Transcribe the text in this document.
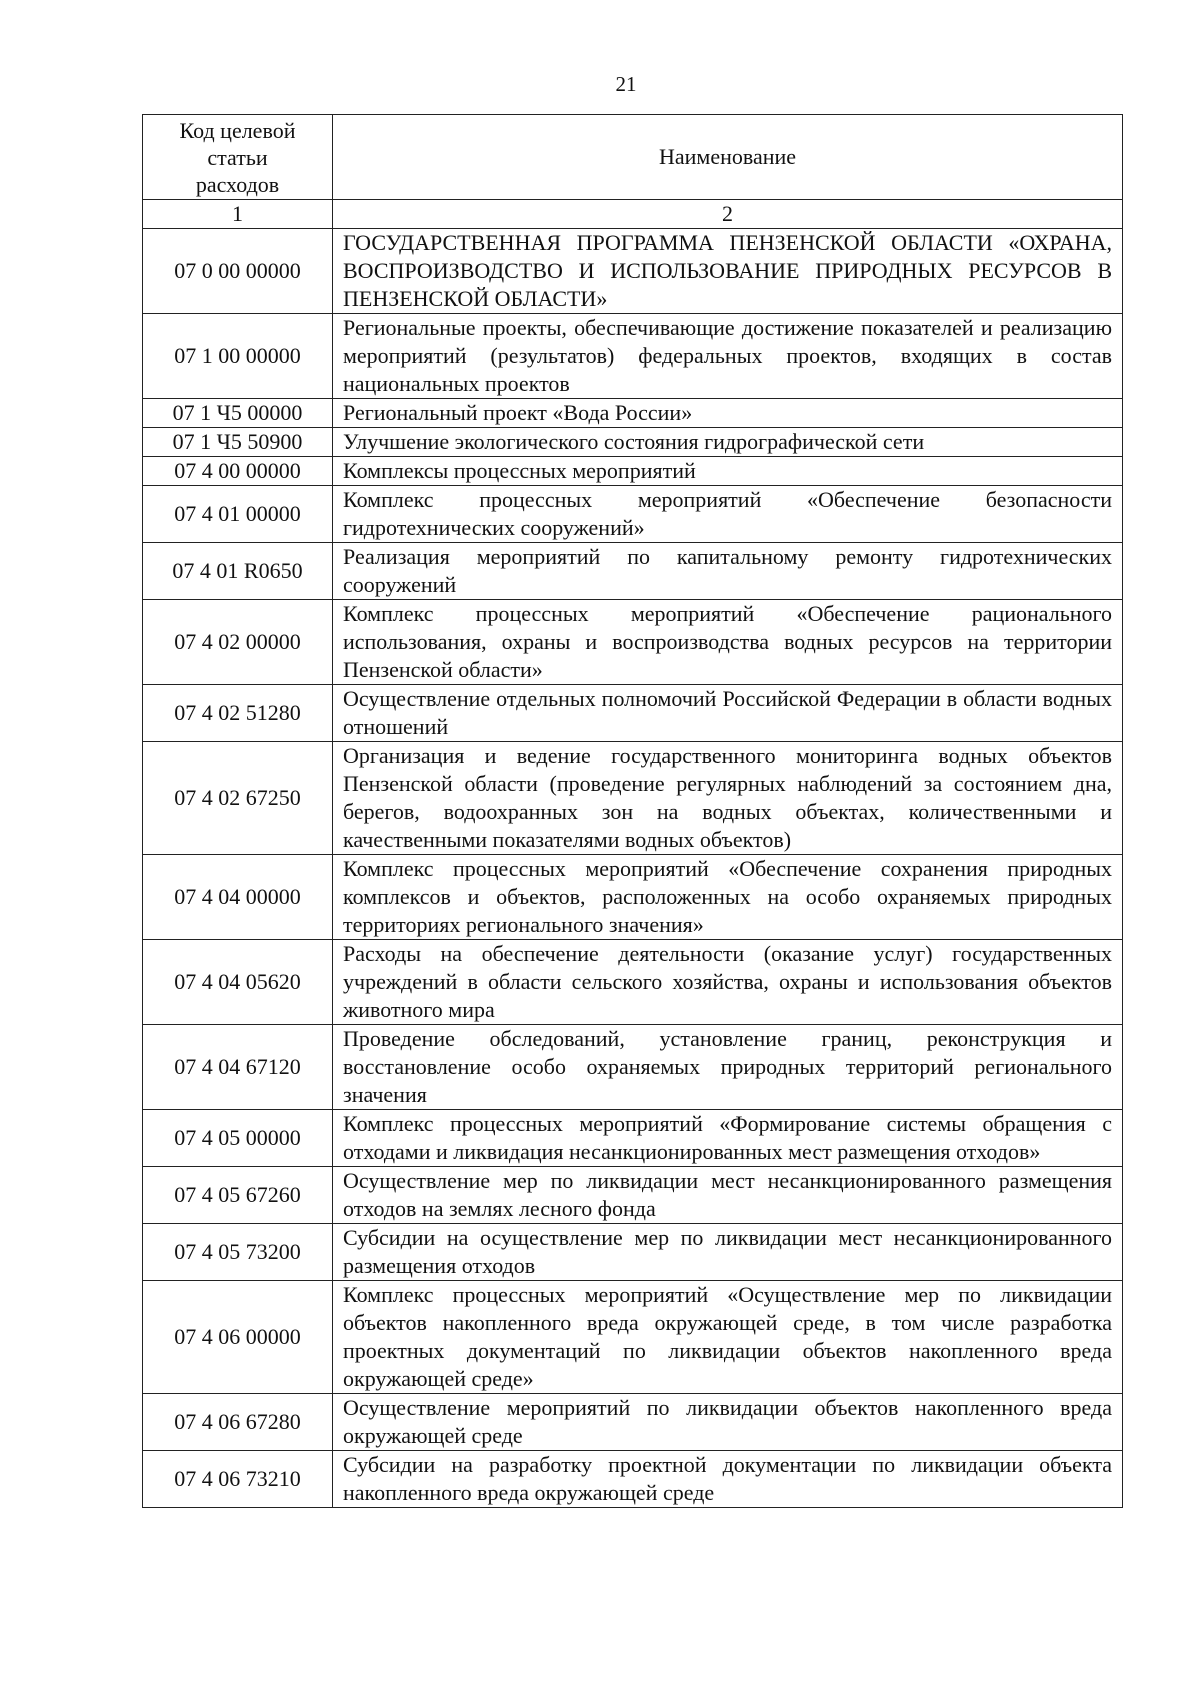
21
Код целевой статьи расходов	Наименование
1	2
07 0 00 00000	ГОСУДАРСТВЕННАЯ ПРОГРАММА ПЕНЗЕНСКОЙ ОБЛАСТИ «ОХРАНА, ВОСПРОИЗВОДСТВО И ИСПОЛЬЗОВАНИЕ ПРИРОДНЫХ РЕСУРСОВ В ПЕНЗЕНСКОЙ ОБЛАСТИ»
07 1 00 00000	Региональные проекты, обеспечивающие достижение показателей и реализацию мероприятий (результатов) федеральных проектов, входящих в состав национальных проектов
07 1 Ч5 00000	Региональный проект «Вода России»
07 1 Ч5 50900	Улучшение экологического состояния гидрографической сети
07 4 00 00000	Комплексы процессных мероприятий
07 4 01 00000	Комплекс процессных мероприятий «Обеспечение безопасности гидротехнических сооружений»
07 4 01 R0650	Реализация мероприятий по капитальному ремонту гидротехнических сооружений
07 4 02 00000	Комплекс процессных мероприятий «Обеспечение рационального использования, охраны и воспроизводства водных ресурсов на территории Пензенской области»
07 4 02 51280	Осуществление отдельных полномочий Российской Федерации в области водных отношений
07 4 02 67250	Организация и ведение государственного мониторинга водных объектов Пензенской области (проведение регулярных наблюдений за состоянием дна, берегов, водоохранных зон на водных объектах, количественными и качественными показателями водных объектов)
07 4 04 00000	Комплекс процессных мероприятий «Обеспечение сохранения природных комплексов и объектов, расположенных на особо охраняемых природных территориях регионального значения»
07 4 04 05620	Расходы на обеспечение деятельности (оказание услуг) государственных учреждений в области сельского хозяйства, охраны и использования объектов животного мира
07 4 04 67120	Проведение обследований, установление границ, реконструкция и восстановление особо охраняемых природных территорий регионального значения
07 4 05 00000	Комплекс процессных мероприятий «Формирование системы обращения с отходами и ликвидация несанкционированных мест размещения отходов»
07 4 05 67260	Осуществление мер по ликвидации мест несанкционированного размещения отходов на землях лесного фонда
07 4 05 73200	Субсидии на осуществление мер по ликвидации мест несанкционированного размещения отходов
07 4 06 00000	Комплекс процессных мероприятий «Осуществление мер по ликвидации объектов накопленного вреда окружающей среде, в том числе разработка проектных документаций по ликвидации объектов накопленного вреда окружающей среде»
07 4 06 67280	Осуществление мероприятий по ликвидации объектов накопленного вреда окружающей среде
07 4 06 73210	Субсидии на разработку проектной документации по ликвидации объекта накопленного вреда окружающей среде
